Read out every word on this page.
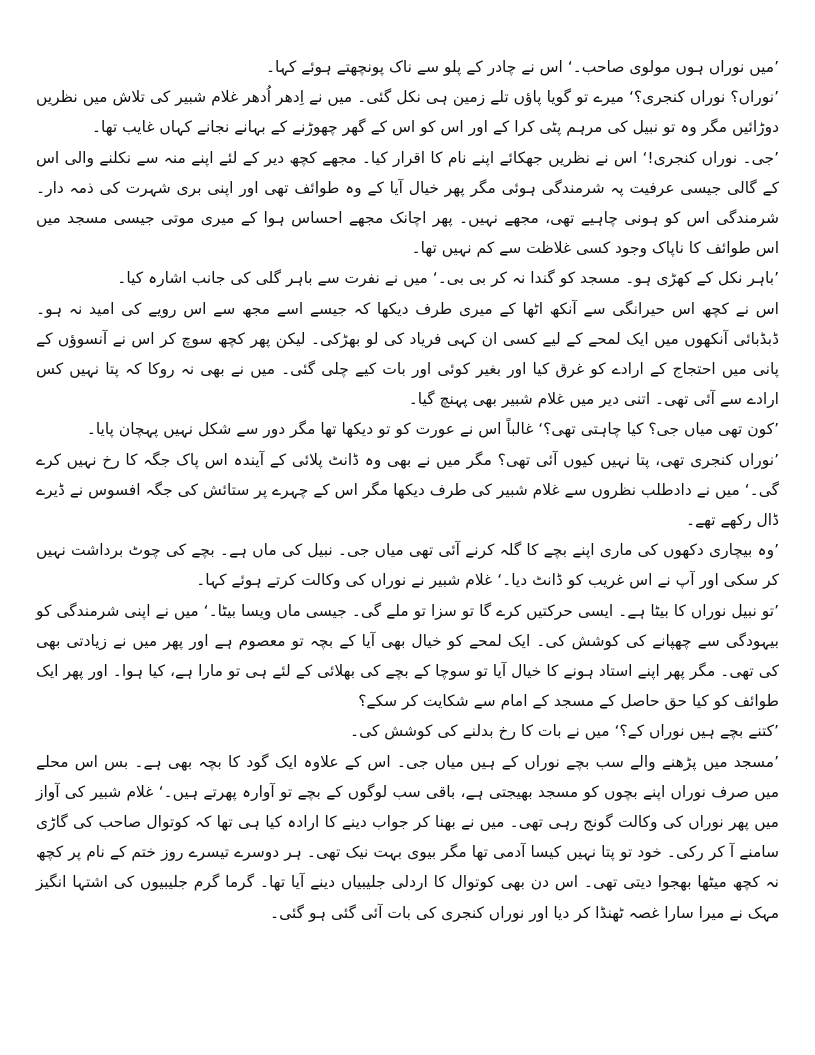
’میں نوراں ہوں مولوی صاحب۔‘ اس نے چادر کے پلو سے ناک پونچھتے ہوئے کہا۔

’نوراں؟ نوراں کنجری؟‘ میرے تو گویا پاؤں تلے زمین ہی نکل گئی۔ میں نے اِدھر اُدھر غلام شبیر کی تلاش میں نظریں دوڑائیں مگر وہ تو نبیل کی مرہم پٹی کرا کے اور اس کو اس کے گھر چھوڑنے کے بہانے نجانے کہاں غایب تھا۔

’جی۔ نوراں کنجری!‘ اس نے نظریں جھکائے اپنے نام کا اقرار کیا۔ مجھے کچھ دیر کے لئے اپنے منہ سے نکلنے والی اس کے گالی جیسی عرفیت پہ شرمندگی ہوئی مگر پھر خیال آیا کے وہ طوائف تھی اور اپنی بری شہرت کی ذمہ دار۔ شرمندگی اس کو ہونی چاہیے تھی، مجھے نہیں۔ پھر اچانک مجھے احساس ہوا کے میری موتی جیسی مسجد میں اس طوائف کا ناپاک وجود کسی غلاظت سے کم نہیں تھا۔

’باہر نکل کے کھڑی ہو۔ مسجد کو گندا نہ کر بی بی۔‘ میں نے نفرت سے باہر گلی کی جانب اشارہ کیا۔

اس نے کچھ اس حیرانگی سے آنکھ اٹھا کے میری طرف دیکھا کہ جیسے اسے مجھ سے اس رویے کی امید نہ ہو۔ ڈبڈبائی آنکھوں میں ایک لمحے کے لیے کسی ان کہی فریاد کی لو بھڑکی۔ لیکن پھر کچھ سوچ کر اس نے آنسوؤں کے پانی میں احتجاج کے ارادے کو غرق کیا اور بغیر کوئی اور بات کیے چلی گئی۔ میں نے بھی نہ روکا کہ پتا نہیں کس ارادے سے آئی تھی۔ اتنی دیر میں غلام شبیر بھی پہنچ گیا۔

’کون تھی میاں جی؟ کیا چاہتی تھی؟‘ غالباً اس نے عورت کو تو دیکھا تھا مگر دور سے شکل نہیں پہچان پایا۔

’نوراں کنجری تھی، پتا نہیں کیوں آئی تھی؟ مگر میں نے بھی وہ ڈانٹ پلائی کے آیندہ اس پاک جگہ کا رخ نہیں کرے گی۔‘ میں نے دادطلب نظروں سے غلام شبیر کی طرف دیکھا مگر اس کے چہرے پر ستائش کی جگہ افسوس نے ڈیرے ڈال رکھے تھے۔

’وہ بیچاری دکھوں کی ماری اپنے بچے کا گلہ کرنے آئی تھی میاں جی۔ نبیل کی ماں ہے۔ بچے کی چوٹ برداشت نہیں کر سکی اور آپ نے اس غریب کو ڈانٹ دیا۔‘ غلام شبیر نے نوراں کی وکالت کرتے ہوئے کہا۔

’تو نبیل نوراں کا بیٹا ہے۔ ایسی حرکتیں کرے گا تو سزا تو ملے گی۔ جیسی ماں ویسا بیٹا۔‘ میں نے اپنی شرمندگی کو بیہودگی سے چھپانے کی کوشش کی۔ ایک لمحے کو خیال بھی آیا کے بچہ تو معصوم ہے اور پھر میں نے زیادتی بھی کی تھی۔ مگر پھر اپنے استاد ہونے کا خیال آیا تو سوچا کے بچے کی بھلائی کے لئے ہی تو مارا ہے، کیا ہوا۔ اور پھر ایک طوائف کو کیا حق حاصل کے مسجد کے امام سے شکایت کر سکے؟

’کتنے بچے ہیں نوراں کے؟‘ میں نے بات کا رخ بدلنے کی کوشش کی۔

’مسجد میں پڑھنے والے سب بچے نوراں کے ہیں میاں جی۔ اس کے علاوہ ایک گود کا بچہ بھی ہے۔ بس اس محلے میں صرف نوراں اپنے بچوں کو مسجد بھیجتی ہے، باقی سب لوگوں کے بچے تو آوارہ پھرتے ہیں۔‘ غلام شبیر کی آواز میں پھر نوراں کی وکالت گونج رہی تھی۔ میں نے بھنا کر جواب دینے کا ارادہ کیا ہی تھا کہ کوتوال صاحب کی گاڑی سامنے آ کر رکی۔ خود تو پتا نہیں کیسا آدمی تھا مگر بیوی بہت نیک تھی۔ ہر دوسرے تیسرے روز ختم کے نام پر کچھ نہ کچھ میٹھا بھجوا دیتی تھی۔ اس دن بھی کوتوال کا اردلی جلیبیاں دینے آیا تھا۔ گرما گرم جلیبیوں کی اشتہا انگیز مہک نے میرا سارا غصہ ٹھنڈا کر دیا اور نوراں کنجری کی بات آئی گئی ہو گئی۔
